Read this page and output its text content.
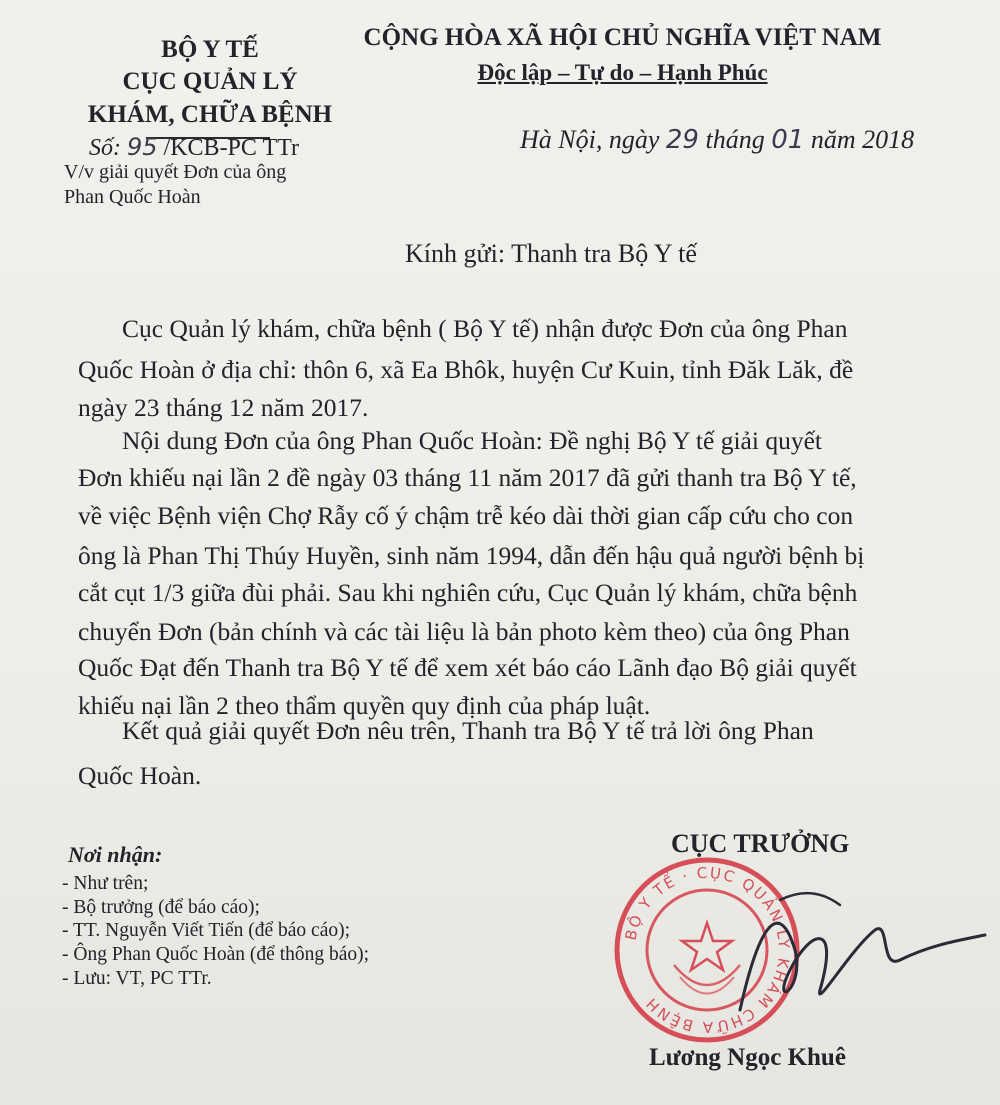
BỘ Y TẾ
CỤC QUẢN LÝ
KHÁM, CHỮA BỆNH
Số: 95 /KCB-PC TTr
V/v giải quyết Đơn của ông
Phan Quốc Hoàn
CỘNG HÒA XÃ HỘI CHỦ NGHĨA VIỆT NAM
Độc lập – Tự do – Hạnh Phúc
Hà Nội, ngày 29 tháng 01 năm 2018
Kính gửi: Thanh tra Bộ Y tế
Cục Quản lý khám, chữa bệnh ( Bộ Y tế) nhận được Đơn của ông Phan
Quốc Hoàn ở địa chỉ: thôn 6, xã Ea Bhôk, huyện Cư Kuin, tỉnh Đăk Lăk, đề
ngày 23 tháng 12 năm 2017.
Nội dung Đơn của ông Phan Quốc Hoàn: Đề nghị Bộ Y tế giải quyết
Đơn khiếu nại lần 2 đề ngày 03 tháng 11 năm 2017 đã gửi thanh tra Bộ Y tế,
về việc Bệnh viện Chợ Rẫy cố ý chậm trễ kéo dài thời gian cấp cứu cho con
ông là Phan Thị Thúy Huyền, sinh năm 1994, dẫn đến hậu quả người bệnh bị
cắt cụt 1/3 giữa đùi phải. Sau khi nghiên cứu, Cục Quản lý khám, chữa bệnh
chuyển Đơn (bản chính và các tài liệu là bản photo kèm theo) của ông Phan
Quốc Đạt đến Thanh tra Bộ Y tế để xem xét báo cáo Lãnh đạo Bộ giải quyết
khiếu nại lần 2 theo thẩm quyền quy định của pháp luật.
Kết quả giải quyết Đơn nêu trên, Thanh tra Bộ Y tế trả lời ông Phan
Quốc Hoàn.
Nơi nhận:
- Như trên;
- Bộ trưởng (để báo cáo);
- TT. Nguyễn Viết Tiến (để báo cáo);
- Ông Phan Quốc Hoàn (để thông báo);
- Lưu: VT, PC TTr.
CỤC TRƯỞNG
BỘ Y TẾ · CỤC QUẢN LÝ KHÁM CHỮA BỆNH
Lương Ngọc Khuê
